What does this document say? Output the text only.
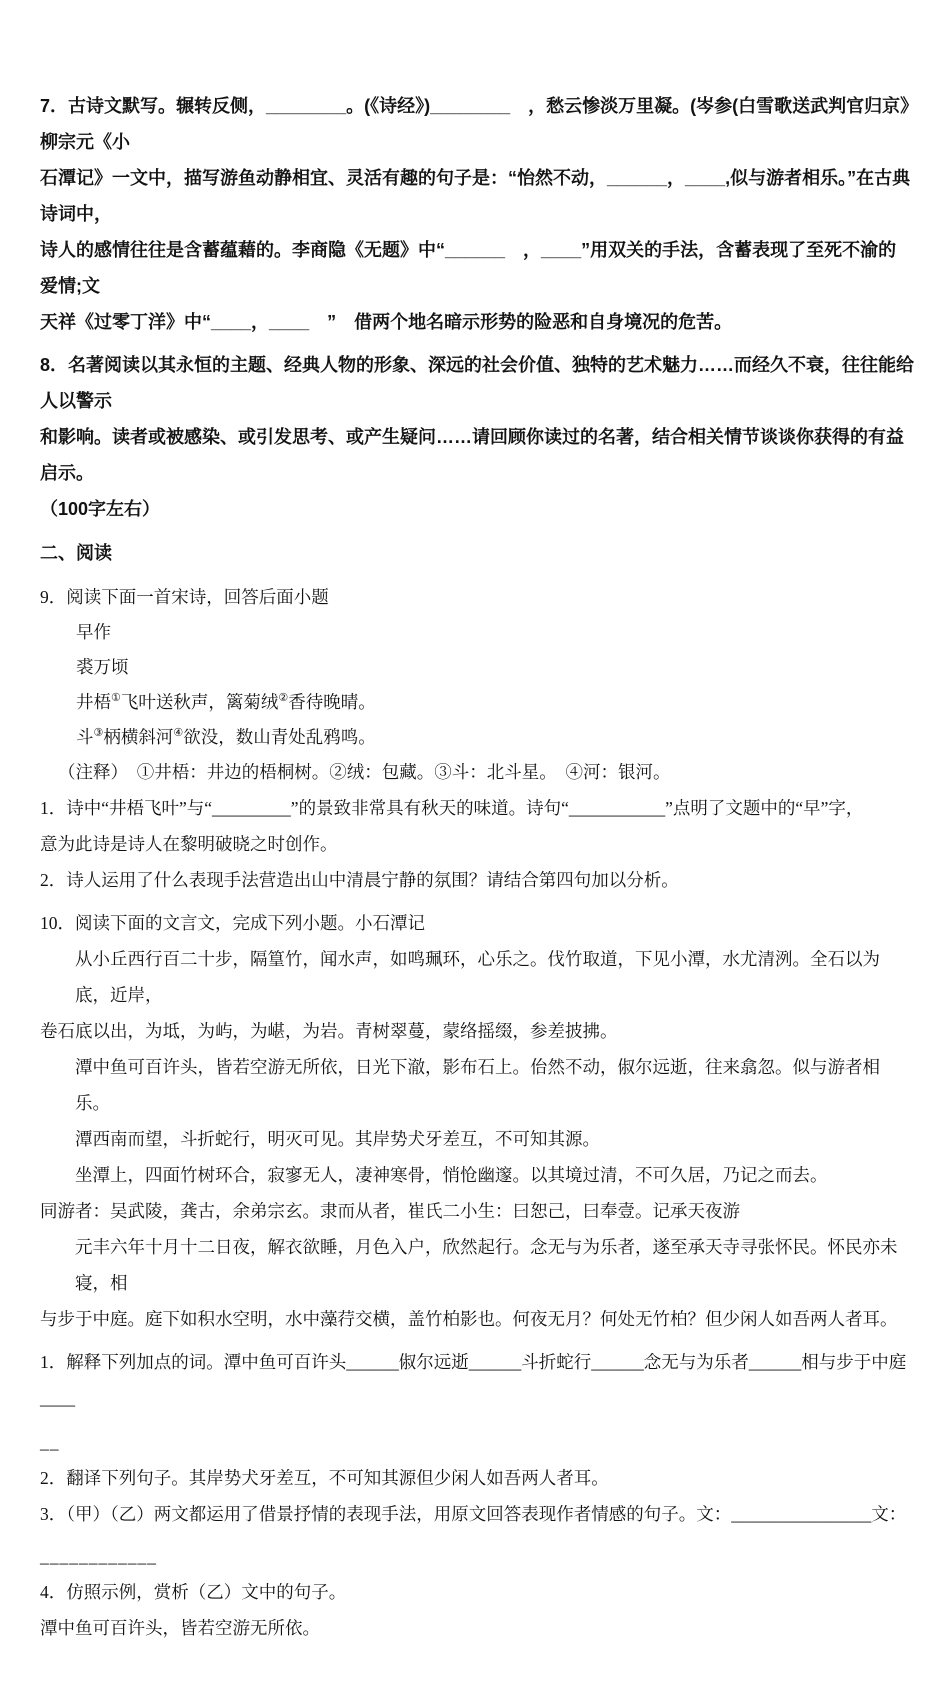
7．古诗文默写。辗转反侧，________。(《诗经》)________　，愁云惨淡万里凝。(岑参(白雪歌送武判官归京》柳宗元《小
石潭记》一文中，描写游鱼动静相宜、灵活有趣的句子是：“怡然不动，______，____,似与游者相乐。”在古典诗词中，
诗人的感情往往是含蓄蕴藉的。李商隐《无题》中“______　，____”用双关的手法，含蓄表现了至死不渝的爱情;文
天祥《过零丁洋》中“____，____　”　借两个地名暗示形势的险恶和自身境况的危苦。
8．名著阅读以其永恒的主题、经典人物的形象、深远的社会价值、独特的艺术魅力……而经久不衰，往往能给人以警示
和影响。读者或被感染、或引发思考、或产生疑问……请回顾你读过的名著，结合相关情节谈谈你获得的有益启示。
（100字左右）
二、阅读
9．阅读下面一首宋诗，回答后面小题
早作
裘万顷
井梧①飞叶送秋声，篱菊绒②香待晚晴。
斗③柄横斜河④欲没，数山青处乱鸦鸣。
（注释）　①井梧：井边的梧桐树。②绒：包藏。③斗：北斗星。　④河：银河。
1．诗中“井梧飞叶”与“_________”的景致非常具有秋天的味道。诗句“___________”点明了文题中的“早”字，
意为此诗是诗人在黎明破晓之时创作。
2．诗人运用了什么表现手法营造出山中清晨宁静的氛围？请结合第四句加以分析。
10．阅读下面的文言文，完成下列小题。小石潭记
从小丘西行百二十步，隔篁竹，闻水声，如鸣珮环，心乐之。伐竹取道，下见小潭，水尤清洌。全石以为底，近岸，
卷石底以出，为坻，为屿，为嵁，为岩。青树翠蔓，蒙络摇缀，参差披拂。
潭中鱼可百许头，皆若空游无所依，日光下澈，影布石上。佁然不动，俶尔远逝，往来翕忽。似与游者相乐。
潭西南而望，斗折蛇行，明灭可见。其岸势犬牙差互，不可知其源。
坐潭上，四面竹树环合，寂寥无人，凄神寒骨，悄怆幽邃。以其境过清，不可久居，乃记之而去。
同游者：吴武陵，龚古，余弟宗玄。隶而从者，崔氏二小生：曰恕己，曰奉壹。记承天夜游
元丰六年十月十二日夜，解衣欲睡，月色入户，欣然起行。念无与为乐者，遂至承天寺寻张怀民。怀民亦未寝，相
与步于中庭。庭下如积水空明，水中藻荇交横，盖竹柏影也。何夜无月？何处无竹柏？但少闲人如吾两人者耳。
1．解释下列加点的词。潭中鱼可百许头______俶尔远逝______斗折蛇行______念无与为乐者______相与步于中庭____
__
2．翻译下列句子。其岸势犬牙差互，不可知其源但少闲人如吾两人者耳。
3．（甲）（乙）两文都运用了借景抒情的表现手法，用原文回答表现作者情感的句子。文：________________文：
____________
4．仿照示例，赏析（乙）文中的句子。
潭中鱼可百许头，皆若空游无所依。
